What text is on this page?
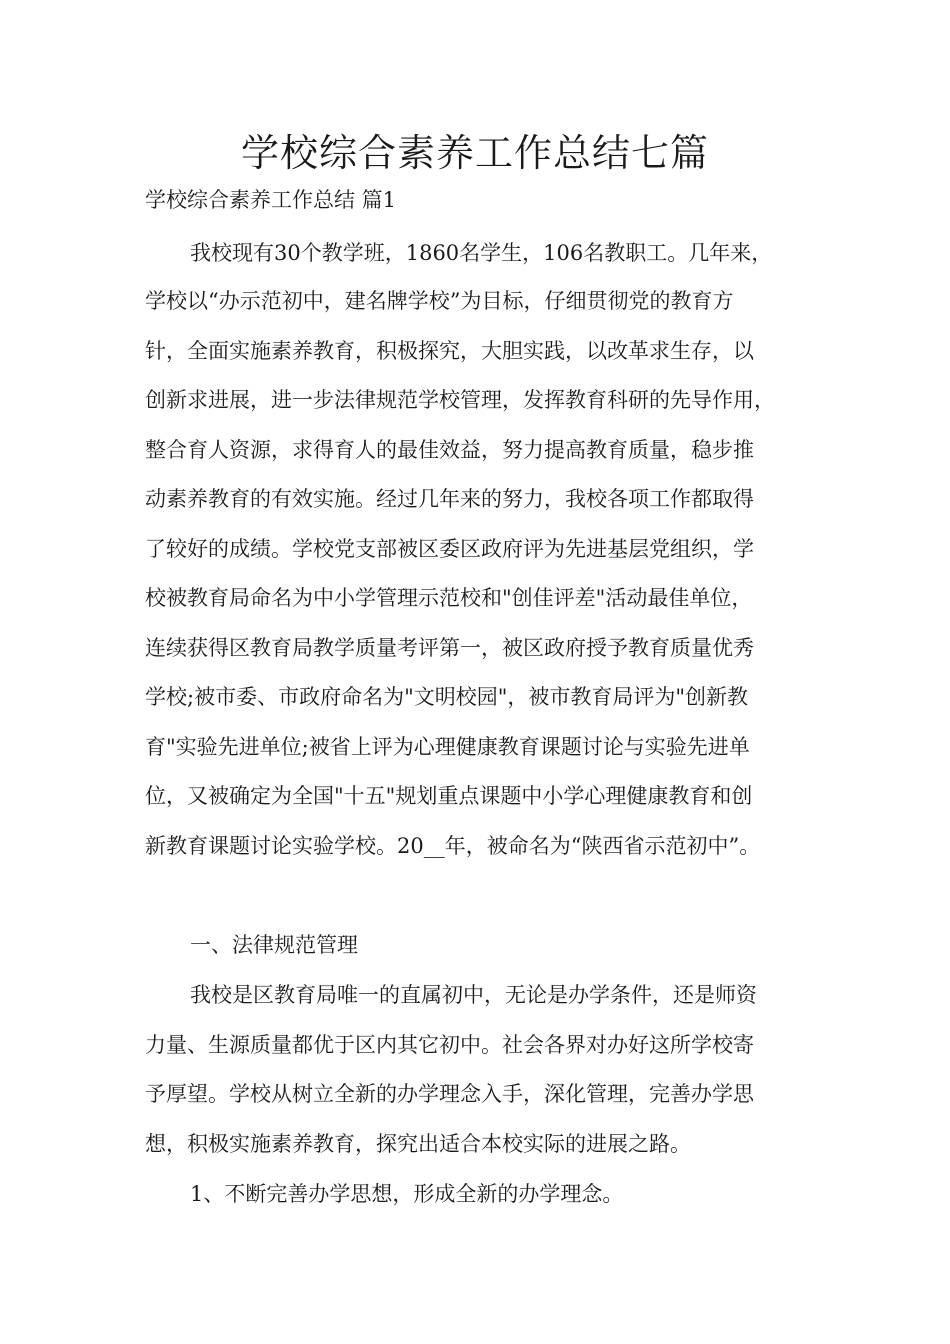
学校综合素养工作总结七篇

学校综合素养工作总结 篇1

我校现有30个教学班，1860名学生，106名教职工。几年来，

学校以“办示范初中，建名牌学校”为目标，仔细贯彻党的教育方

针，全面实施素养教育，积极探究，大胆实践，以改革求生存，以

创新求进展，进一步法律规范学校管理，发挥教育科研的先导作用，

整合育人资源，求得育人的最佳效益，努力提高教育质量，稳步推

动素养教育的有效实施。经过几年来的努力，我校各项工作都取得

了较好的成绩。学校党支部被区委区政府评为先进基层党组织，学

校被教育局命名为中小学管理示范校和"创佳评差"活动最佳单位，

连续获得区教育局教学质量考评第一，被区政府授予教育质量优秀

学校;被市委、市政府命名为"文明校园"，被市教育局评为"创新教

育"实验先进单位;被省上评为心理健康教育课题讨论与实验先进单

位，又被确定为全国"十五"规划重点课题中小学心理健康教育和创

新教育课题讨论实验学校。20__年，被命名为“陕西省示范初中”。

一、法律规范管理

我校是区教育局唯一的直属初中，无论是办学条件，还是师资

力量、生源质量都优于区内其它初中。社会各界对办好这所学校寄

予厚望。学校从树立全新的办学理念入手，深化管理，完善办学思

想，积极实施素养教育，探究出适合本校实际的进展之路。

1、不断完善办学思想，形成全新的办学理念。
